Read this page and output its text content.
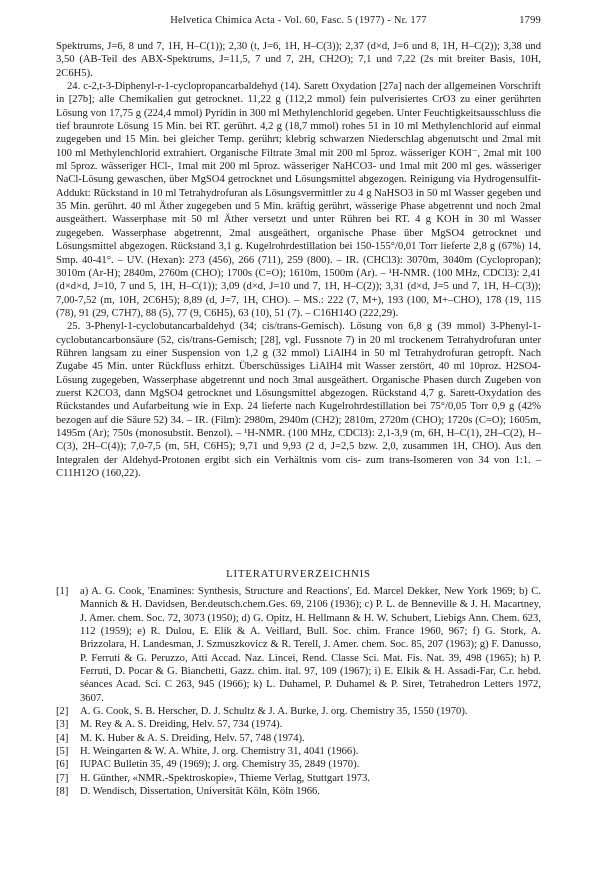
Helvetica Chimica Acta - Vol. 60, Fasc. 5 (1977) - Nr. 177	1799

Spektrums, J=6, 8 und 7, 1H, H–C(1)); 2,30 (t, J=6, 1H, H–C(3)); 2,37 (d×d, J=6 und 8, 1H, H–C(2)); 3,38 und 3,50 (AB-Teil des ABX-Spektrums, J=11,5, 7 und 7, 2H, CH2O); 7,1 und 7,22 (2s mit breiter Basis, 10H, 2C6H5).

24. c-2,t-3-Diphenyl-r-1-cyclopropancarbaldehyd (14). Sarett Oxydation [27a] nach der allgemeinen Vorschrift in [27b]; alle Chemikalien gut getrocknet. 11,22 g (112,2 mmol) fein pulverisiertes CrO3 zu einer gerührten Lösung von 17,75 g (224,4 mmol) Pyridin in 300 ml Methylenchlorid gegeben. Unter Feuchtigkeitsausschluss die tief braunrote Lösung 15 Min. bei RT. gerührt. 4,2 g (18,7 mmol) rohes 51 in 10 ml Methylenchlorid auf einmal zugegeben und 15 Min. bei gleicher Temp. gerührt; klebrig schwarzen Niederschlag abgenutscht und 2mal mit 100 ml Methylenchlorid extrahiert. Organische Filtrate 3mal mit 200 ml 5proz. wässeriger KOH⁻, 2mal mit 100 ml 5proz. wässeriger HCl-, 1mal mit 200 ml 5proz. wässeriger NaHCO3- und 1mal mit 200 ml ges. wässeriger NaCl-Lösung gewaschen, über MgSO4 getrocknet und Lösungsmittel abgezogen. Reinigung via Hydrogensulfit-Addukt: Rückstand in 10 ml Tetrahydrofuran als Lösungsvermittler zu 4 g NaHSO3 in 50 ml Wasser gegeben und 35 Min. gerührt. 40 ml Äther zugegeben und 5 Min. kräftig gerührt, wässerige Phase abgetrennt und noch 2mal ausgeäthert. Wasserphase mit 50 ml Äther versetzt und unter Rühren bei RT. 4 g KOH in 30 ml Wasser zugegeben. Wasserphase abgetrennt, 2mal ausgeäthert, organische Phase über MgSO4 getrocknet und Lösungsmittel abgezogen. Rückstand 3,1 g. Kugelrohrdestillation bei 150-155°/0,01 Torr lieferte 2,8 g (67%) 14, Smp. 40-41°. – UV. (Hexan): 273 (456), 266 (711), 259 (800). – IR. (CHCl3): 3070m, 3040m (Cyclopropan); 3010m (Ar-H); 2840m, 2760m (CHO); 1700s (C=O); 1610m, 1500m (Ar). – ¹H-NMR. (100 MHz, CDCl3): 2,41 (d×d×d, J=10, 7 und 5, 1H, H–C(1)); 3,09 (d×d, J=10 und 7, 1H, H–C(2)); 3,31 (d×d, J=5 und 7, 1H, H–C(3)); 7,00-7,52 (m, 10H, 2C6H5); 8,89 (d, J=7, 1H, CHO). – MS.: 222 (7, M+), 193 (100, M+–CHO), 178 (19, 115 (78), 91 (29, C7H7), 88 (5), 77 (9, C6H5), 63 (10), 51 (7). – C16H14O (222,29).

25. 3-Phenyl-1-cyclobutancarbaldehyd (34; cis/trans-Gemisch). Lösung von 6,8 g (39 mmol) 3-Phenyl-1-cyclobutancarbonsäure (52, cis/trans-Gemisch; [28], vgl. Fussnote 7) in 20 ml trockenem Tetrahydrofuran unter Rühren langsam zu einer Suspension von 1,2 g (32 mmol) LiAlH4 in 50 ml Tetrahydrofuran getropft. Nach Zugabe 45 Min. unter Rückfluss erhitzt. Überschüssiges LiAlH4 mit Wasser zerstört, 40 ml 10proz. H2SO4-Lösung zugegeben, Wasserphase abgetrennt und noch 3mal ausgeäthert. Organische Phasen durch Zugeben von zuerst K2CO3, dann MgSO4 getrocknet und Lösungsmittel abgezogen. Rückstand 4,7 g. Sarett-Oxydation des Rückstandes und Aufarbeitung wie in Exp. 24 lieferte nach Kugelrohrdestillation bei 75°/0,05 Torr 0,9 g (42% bezogen auf die Säure 52) 34. – IR. (Film): 2980m, 2940m (CH2); 2810m, 2720m (CHO); 1720s (C=O); 1605m, 1495m (Ar); 750s (monosubstit. Benzol). – ¹H-NMR. (100 MHz, CDCl3): 2,1-3,9 (m, 6H, H–C(1), 2H–C(2), H–C(3), 2H–C(4)); 7,0-7,5 (m, 5H, C6H5); 9,71 und 9,93 (2 d, J=2,5 bzw. 2,0, zusammen 1H, CHO). Aus den Integralen der Aldehyd-Protonen ergibt sich ein Verhältnis vom cis- zum trans-Isomeren von 34 von 1:1. – C11H12O (160,22).

LITERATURVERZEICHNIS
[1]	a) A. G. Cook, 'Enamines: Synthesis, Structure and Reactions', Ed. Marcel Dekker, New York 1969; b) C. Mannich & H. Davidsen, Ber.deutsch.chem.Ges. 69, 2106 (1936); c) P. L. de Benneville & J. H. Macartney, J. Amer. chem. Soc. 72, 3073 (1950); d) G. Opitz, H. Hellmann & H. W. Schubert, Liebigs Ann. Chem. 623, 112 (1959); e) R. Dulou, E. Elik & A. Veillard, Bull. Soc. chim. France 1960, 967; f) G. Stork, A. Brizzolara, H. Landesman, J. Szmuszkovicz & R. Terell, J. Amer. chem. Soc. 85, 207 (1963); g) F. Danusso, P. Ferruti & G. Peruzzo, Atti Accad. Naz. Lincei, Rend. Classe Sci. Mat. Fis. Nat. 39, 498 (1965); h) P. Ferruti, D. Pocar & G. Bianchetti, Gazz. chim. ital. 97, 109 (1967); i) E. Elkik & H. Assadi-Far, C.r. hebd. séances Acad. Sci. C 263, 945 (1966); k) L. Duhamel, P. Duhamel & P. Siret, Tetrahedron Letters 1972, 3607.
[2]	A. G. Cook, S. B. Herscher, D. J. Schultz & J. A. Burke, J. org. Chemistry 35, 1550 (1970).
[3]	M. Rey & A. S. Dreiding, Helv. 57, 734 (1974).
[4]	M. K. Huber & A. S. Dreiding, Helv. 57, 748 (1974).
[5]	H. Weingarten & W. A. White, J. org. Chemistry 31, 4041 (1966).
[6]	IUPAC Bulletin 35, 49 (1969); J. org. Chemistry 35, 2849 (1970).
[7]	H. Günther, «NMR.-Spektroskopie», Thieme Verlag, Stuttgart 1973.
[8]	D. Wendisch, Dissertation, Universität Köln, Köln 1966.
